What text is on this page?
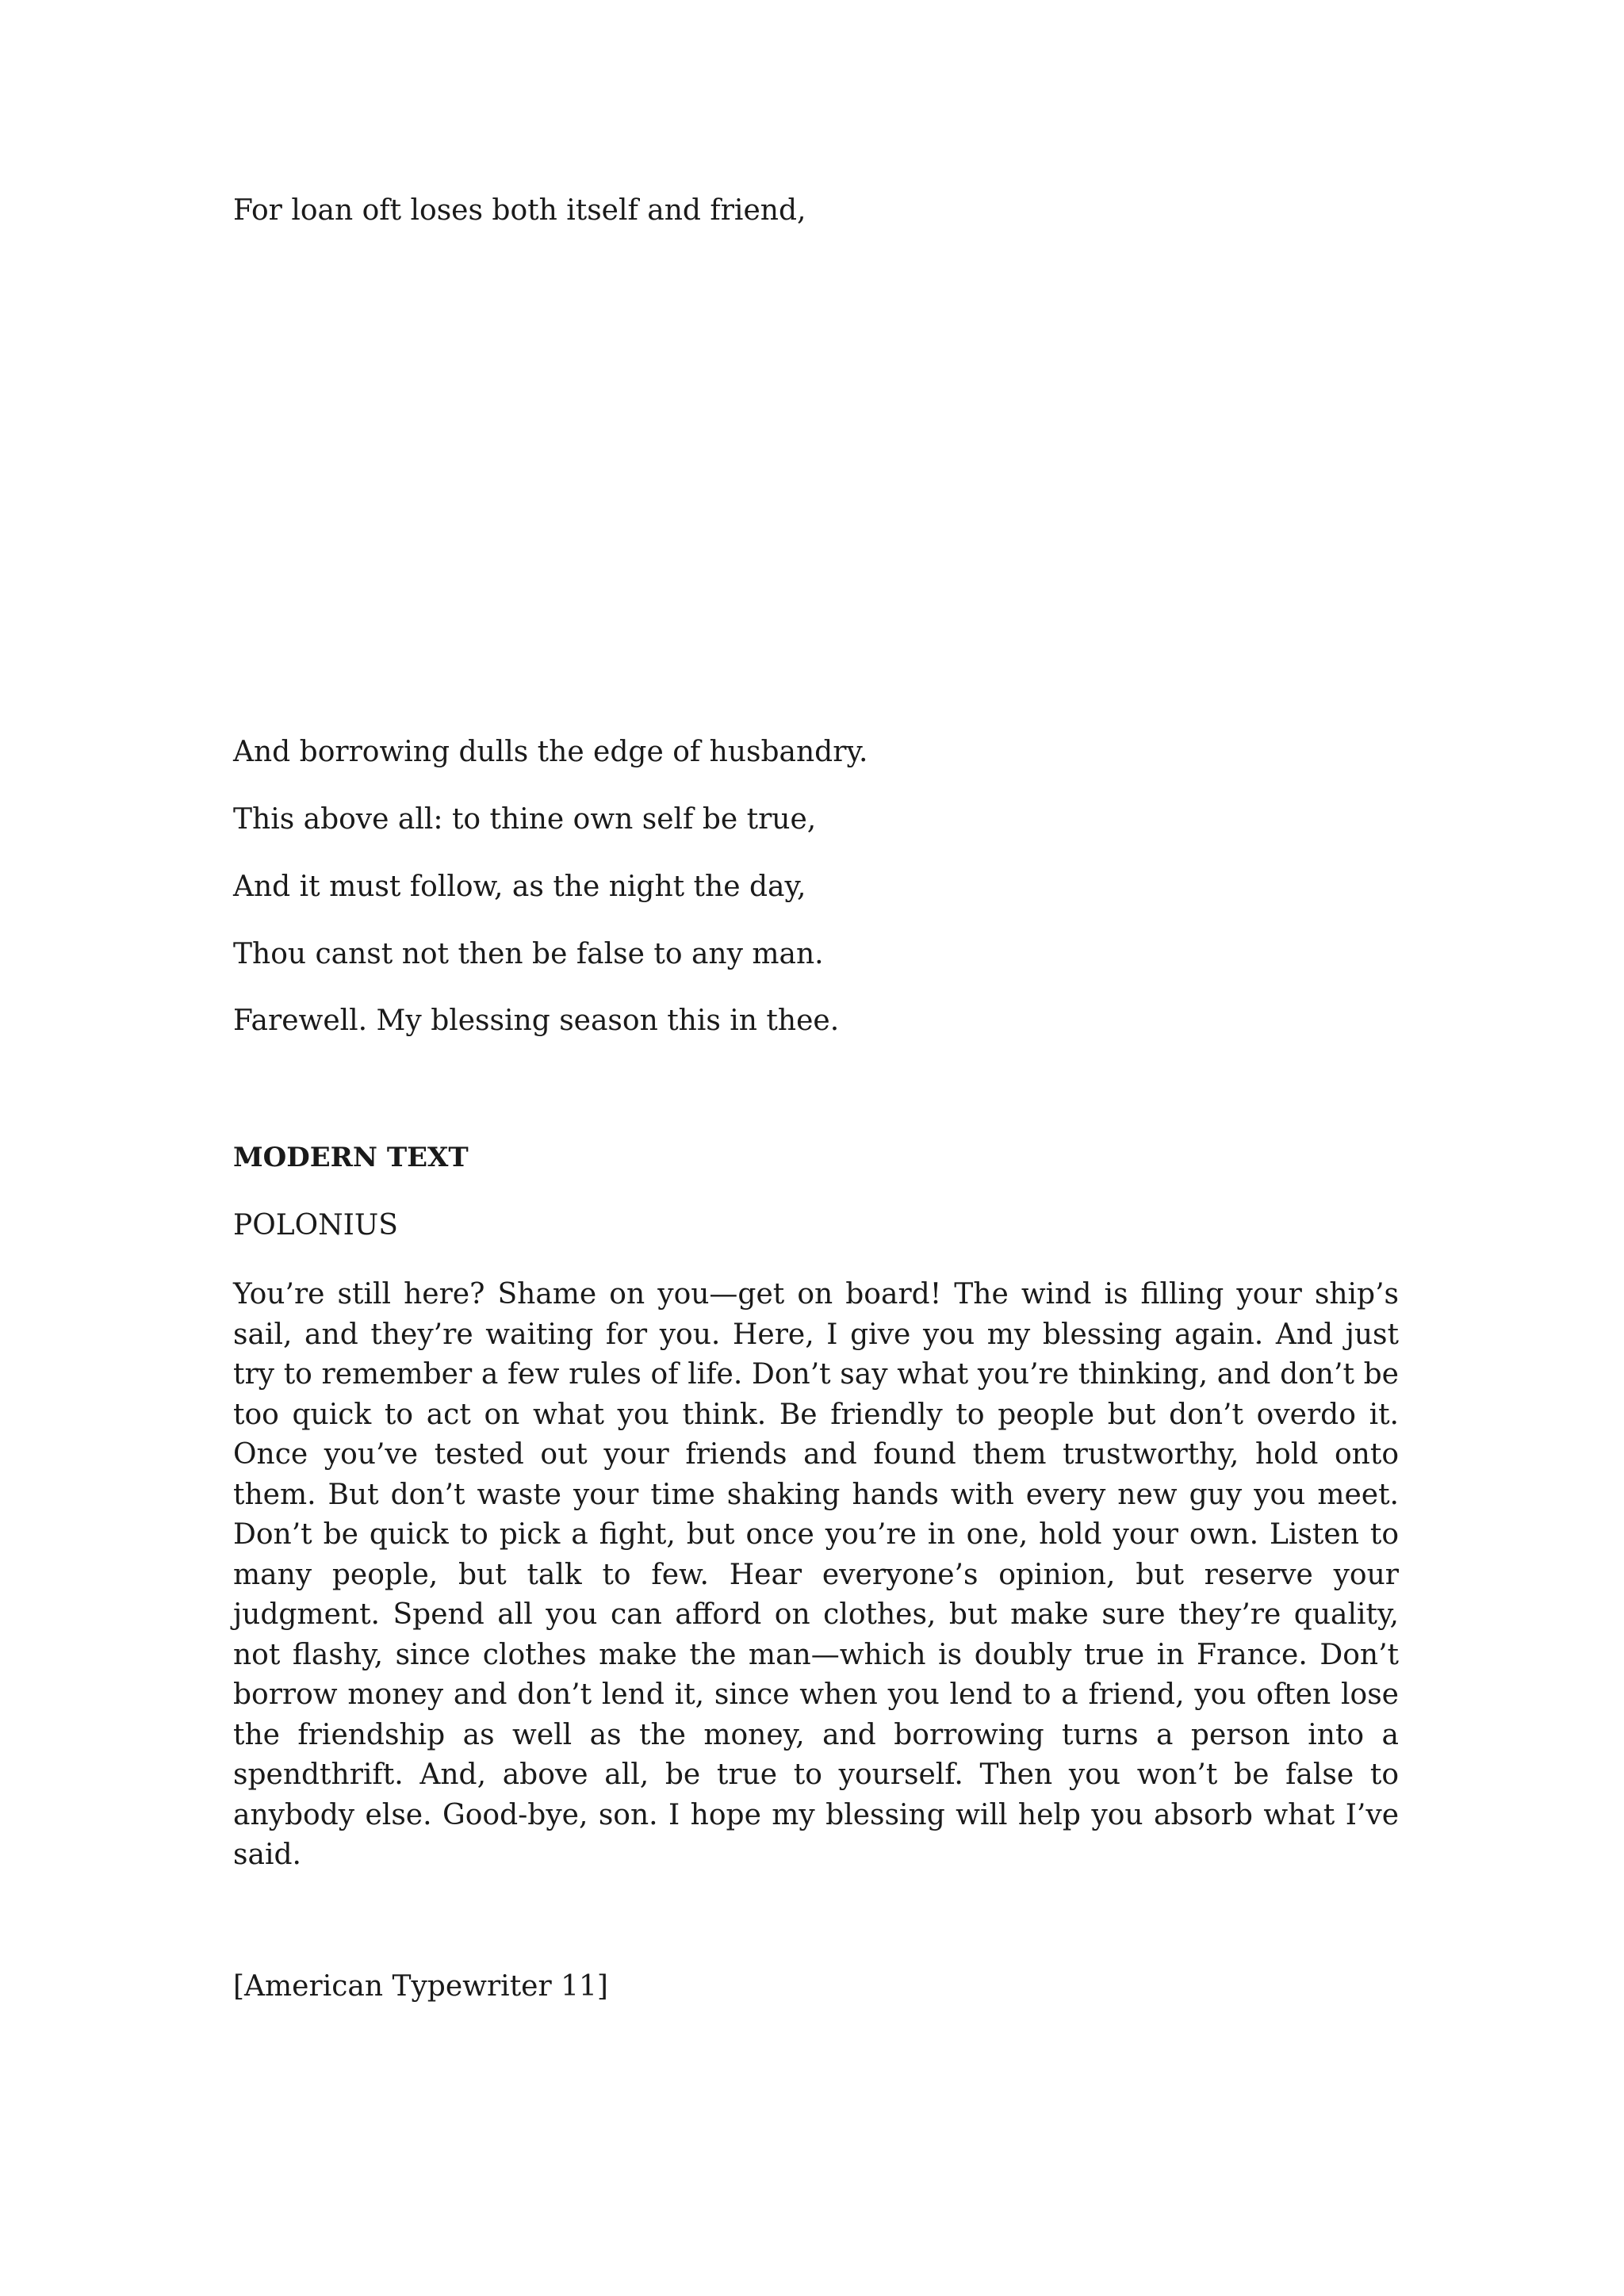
For loan oft loses both itself and friend,

And borrowing dulls the edge of husbandry.

This above all: to thine own self be true,

And it must follow, as the night the day,

Thou canst not then be false to any man.

Farewell. My blessing season this in thee.

MODERN TEXT

POLONIUS

You’re still here? Shame on you—get on board! The wind is filling your ship’s sail, and they’re waiting for you. Here, I give you my blessing again. And just try to remember a few rules of life. Don’t say what you’re thinking, and don’t be too quick to act on what you think. Be friendly to people but don’t overdo it. Once you’ve tested out your friends and found them trustworthy, hold onto them. But don’t waste your time shaking hands with every new guy you meet. Don’t be quick to pick a fight, but once you’re in one, hold your own. Listen to many people, but talk to few. Hear everyone’s opinion, but reserve your judgment. Spend all you can afford on clothes, but make sure they’re quality, not flashy, since clothes make the man—which is doubly true in France. Don’t borrow money and don’t lend it, since when you lend to a friend, you often lose the friendship as well as the money, and borrowing turns a person into a spendthrift. And, above all, be true to yourself. Then you won’t be false to anybody else. Good-bye, son. I hope my blessing will help you absorb what I’ve said.

[American Typewriter 11]
